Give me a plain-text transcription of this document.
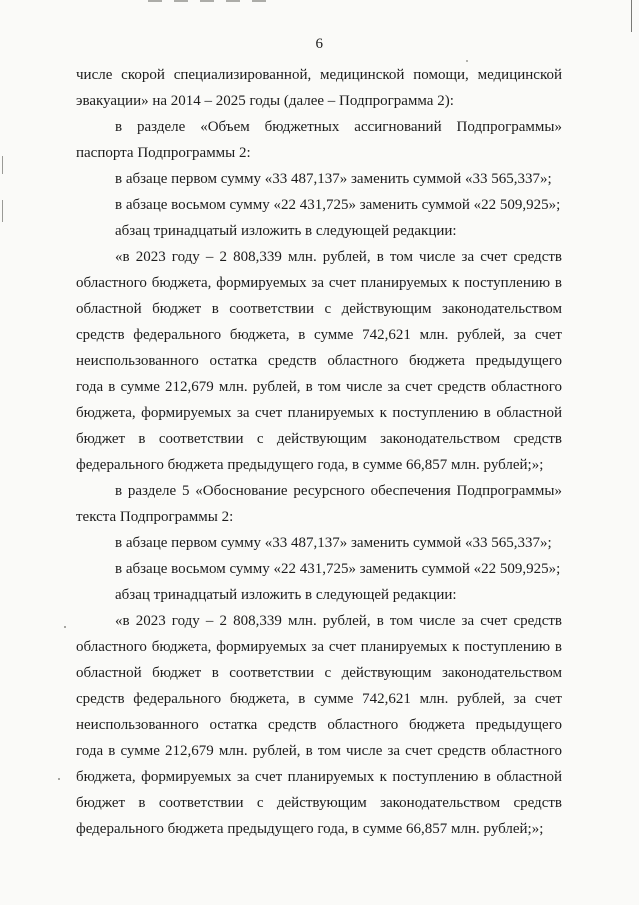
6
числе скорой специализированной, медицинской помощи, медицинской
эвакуации» на 2014 – 2025 годы (далее – Подпрограмма 2):
в разделе «Объем бюджетных ассигнований Подпрограммы»
паспорта Подпрограммы 2:
в абзаце первом сумму «33 487,137» заменить суммой «33 565,337»;
в абзаце восьмом сумму «22 431,725» заменить суммой «22 509,925»;
абзац тринадцатый изложить в следующей редакции:
«в 2023 году – 2 808,339 млн. рублей, в том числе за счет средств
областного бюджета, формируемых за счет планируемых к поступлению в
областной бюджет в соответствии с действующим законодательством
средств федерального бюджета, в сумме 742,621 млн. рублей, за счет
неиспользованного остатка средств областного бюджета предыдущего
года в сумме 212,679 млн. рублей, в том числе за счет средств областного
бюджета, формируемых за счет планируемых к поступлению в областной
бюджет в соответствии с действующим законодательством средств
федерального бюджета предыдущего года, в сумме 66,857 млн. рублей;»;
в разделе 5 «Обоснование ресурсного обеспечения Подпрограммы»
текста Подпрограммы 2:
в абзаце первом сумму «33 487,137» заменить суммой «33 565,337»;
в абзаце восьмом сумму «22 431,725» заменить суммой «22 509,925»;
абзац тринадцатый изложить в следующей редакции:
«в 2023 году – 2 808,339 млн. рублей, в том числе за счет средств
областного бюджета, формируемых за счет планируемых к поступлению в
областной бюджет в соответствии с действующим законодательством
средств федерального бюджета, в сумме 742,621 млн. рублей, за счет
неиспользованного остатка средств областного бюджета предыдущего
года в сумме 212,679 млн. рублей, в том числе за счет средств областного
бюджета, формируемых за счет планируемых к поступлению в областной
бюджет в соответствии с действующим законодательством средств
федерального бюджета предыдущего года, в сумме 66,857 млн. рублей;»;
